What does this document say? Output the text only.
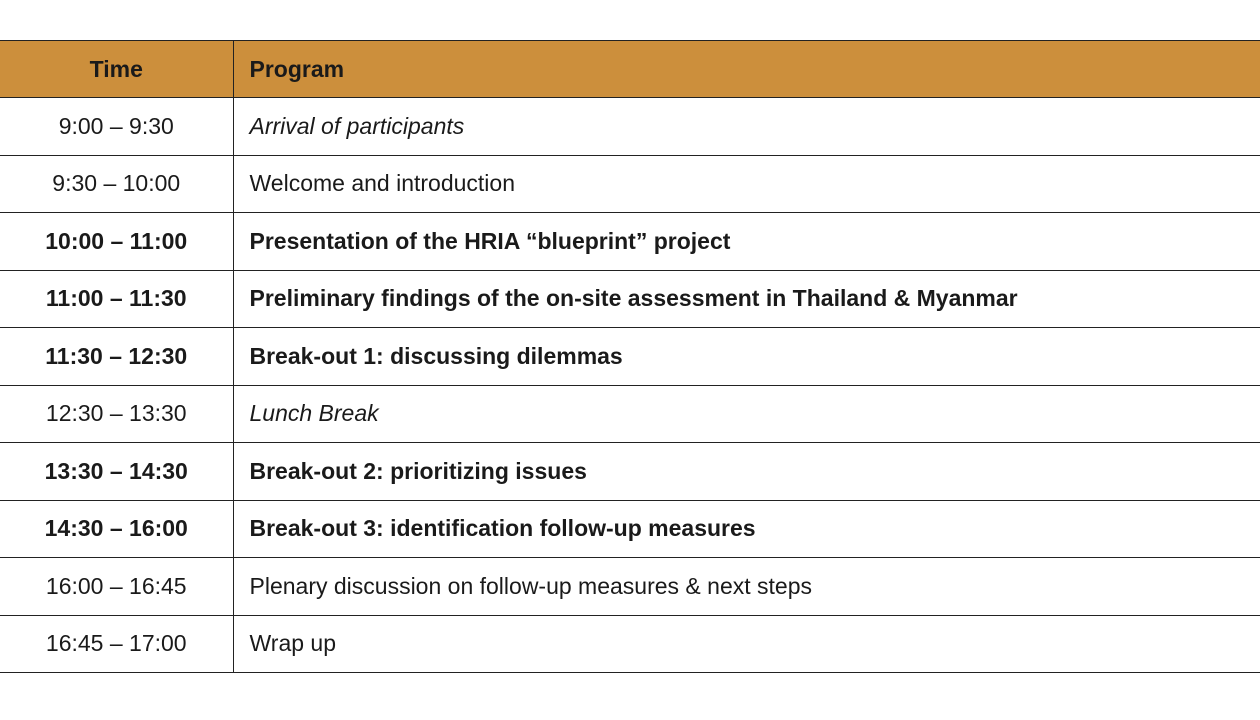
Time	Program
9:00 – 9:30	Arrival of participants
9:30 – 10:00	Welcome and introduction
10:00 – 11:00	Presentation of the HRIA “blueprint” project
11:00 – 11:30	Preliminary findings of the on-site assessment in Thailand & Myanmar
11:30 – 12:30	Break-out 1: discussing dilemmas
12:30 – 13:30	Lunch Break
13:30 – 14:30	Break-out 2: prioritizing issues
14:30 – 16:00	Break-out 3: identification follow-up measures
16:00 – 16:45	Plenary discussion on follow-up measures & next steps
16:45 – 17:00	Wrap up
